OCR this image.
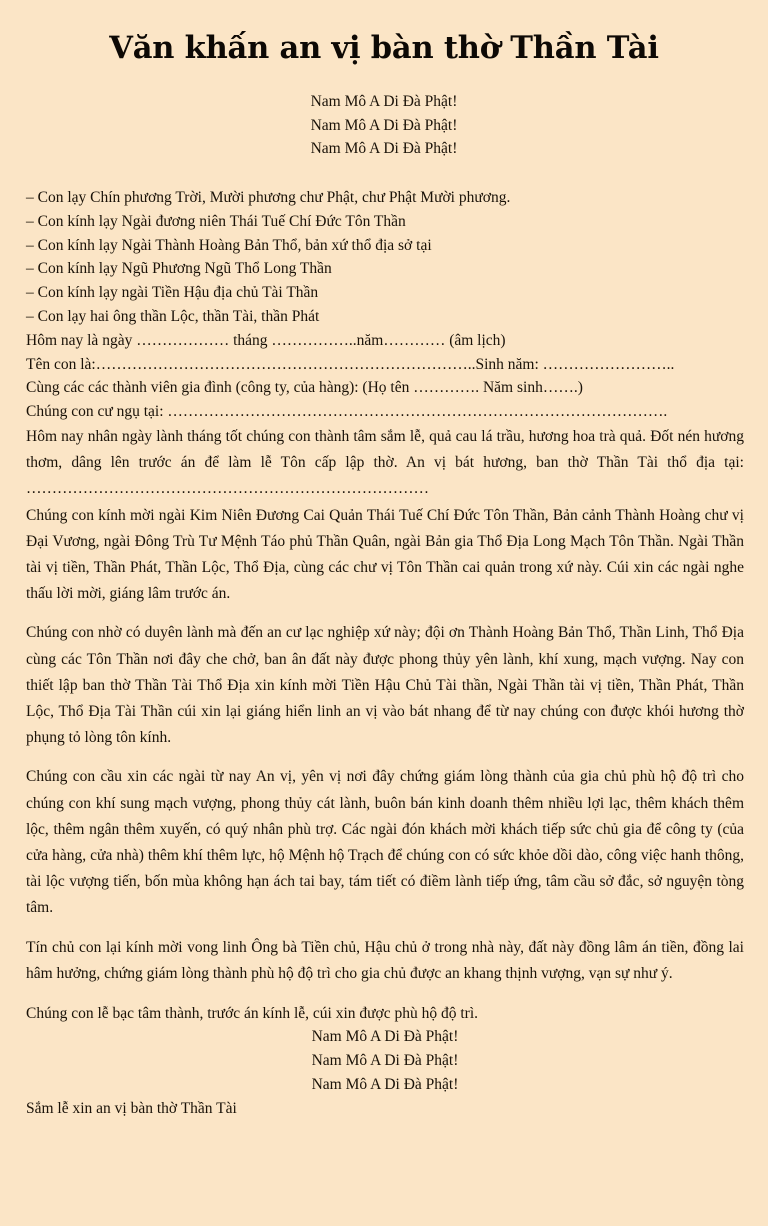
Văn khấn an vị bàn thờ Thần Tài
Nam Mô A Di Đà Phật!
Nam Mô A Di Đà Phật!
Nam Mô A Di Đà Phật!
– Con lạy Chín phương Trời, Mười phương chư Phật, chư Phật Mười phương.
– Con kính lạy Ngài đương niên Thái Tuế Chí Đức Tôn Thần
– Con kính lạy Ngài Thành Hoàng Bản Thổ, bản xứ thổ địa sở tại
– Con kính lạy Ngũ Phương Ngũ Thổ Long Thần
– Con kính lạy ngài Tiền Hậu địa chủ Tài Thần
– Con lạy hai ông thần Lộc, thần Tài, thần Phát
Hôm nay là ngày ……………… tháng ……………..năm………… (âm lịch)
Tên con là:………………………………………………………………..Sinh năm: ……………………..
Cùng các các thành viên gia đình (công ty, của hàng): (Họ tên …………. Năm sinh…….)
Chúng con cư ngụ tại: …………………………………………………………………………………….

Hôm nay nhân ngày lành tháng tốt chúng con thành tâm sắm lễ, quả cau lá trầu, hương hoa trà quả. Đốt nén hương thơm, dâng lên trước án để làm lễ Tôn cấp lập thờ. An vị bát hương, ban thờ Thần Tài thổ địa tại: ……………………………………………………………………

Chúng con kính mời ngài Kim Niên Đương Cai Quản Thái Tuế Chí Đức Tôn Thần, Bản cảnh Thành Hoàng chư vị Đại Vương, ngài Đông Trù Tư Mệnh Táo phủ Thần Quân, ngài Bản gia Thổ Địa Long Mạch Tôn Thần. Ngài Thần tài vị tiền, Thần Phát, Thần Lộc, Thổ Địa, cùng các chư vị Tôn Thần cai quản trong xứ này. Cúi xin các ngài nghe thấu lời mời, giáng lâm trước án.

Chúng con nhờ có duyên lành mà đến an cư lạc nghiệp xứ này; đội ơn Thành Hoàng Bản Thổ, Thần Linh, Thổ Địa cùng các Tôn Thần nơi đây che chở, ban ân đất này được phong thủy yên lành, khí xung, mạch vượng. Nay con thiết lập ban thờ Thần Tài Thổ Địa xin kính mời Tiền Hậu Chủ Tài thần, Ngài Thần tài vị tiền, Thần Phát, Thần Lộc, Thổ Địa Tài Thần cúi xin lại giáng hiển linh an vị vào bát nhang để từ nay chúng con được khói hương thờ phụng tỏ lòng tôn kính.

Chúng con cầu xin các ngài từ nay An vị, yên vị nơi đây chứng giám lòng thành của gia chủ phù hộ độ trì cho chúng con khí sung mạch vượng, phong thủy cát lành, buôn bán kinh doanh thêm nhiều lợi lạc, thêm khách thêm lộc, thêm ngân thêm xuyến, có quý nhân phù trợ. Các ngài đón khách mời khách tiếp sức chủ gia để công ty (của cửa hàng, cửa nhà) thêm khí thêm lực, hộ Mệnh hộ Trạch để chúng con có sức khỏe dồi dào, công việc hanh thông, tài lộc vượng tiến, bốn mùa không hạn ách tai bay, tám tiết có điềm lành tiếp ứng, tâm cầu sở đắc, sở nguyện tòng tâm.

Tín chủ con lại kính mời vong linh Ông bà Tiền chủ, Hậu chủ ở trong nhà này, đất này đồng lâm án tiền, đồng lai hâm hưởng, chứng giám lòng thành phù hộ độ trì cho gia chủ được an khang thịnh vượng, vạn sự như ý.

Chúng con lễ bạc tâm thành, trước án kính lễ, cúi xin được phù hộ độ trì.
Nam Mô A Di Đà Phật!
Nam Mô A Di Đà Phật!
Nam Mô A Di Đà Phật!
Sắm lễ xin an vị bàn thờ Thần Tài
